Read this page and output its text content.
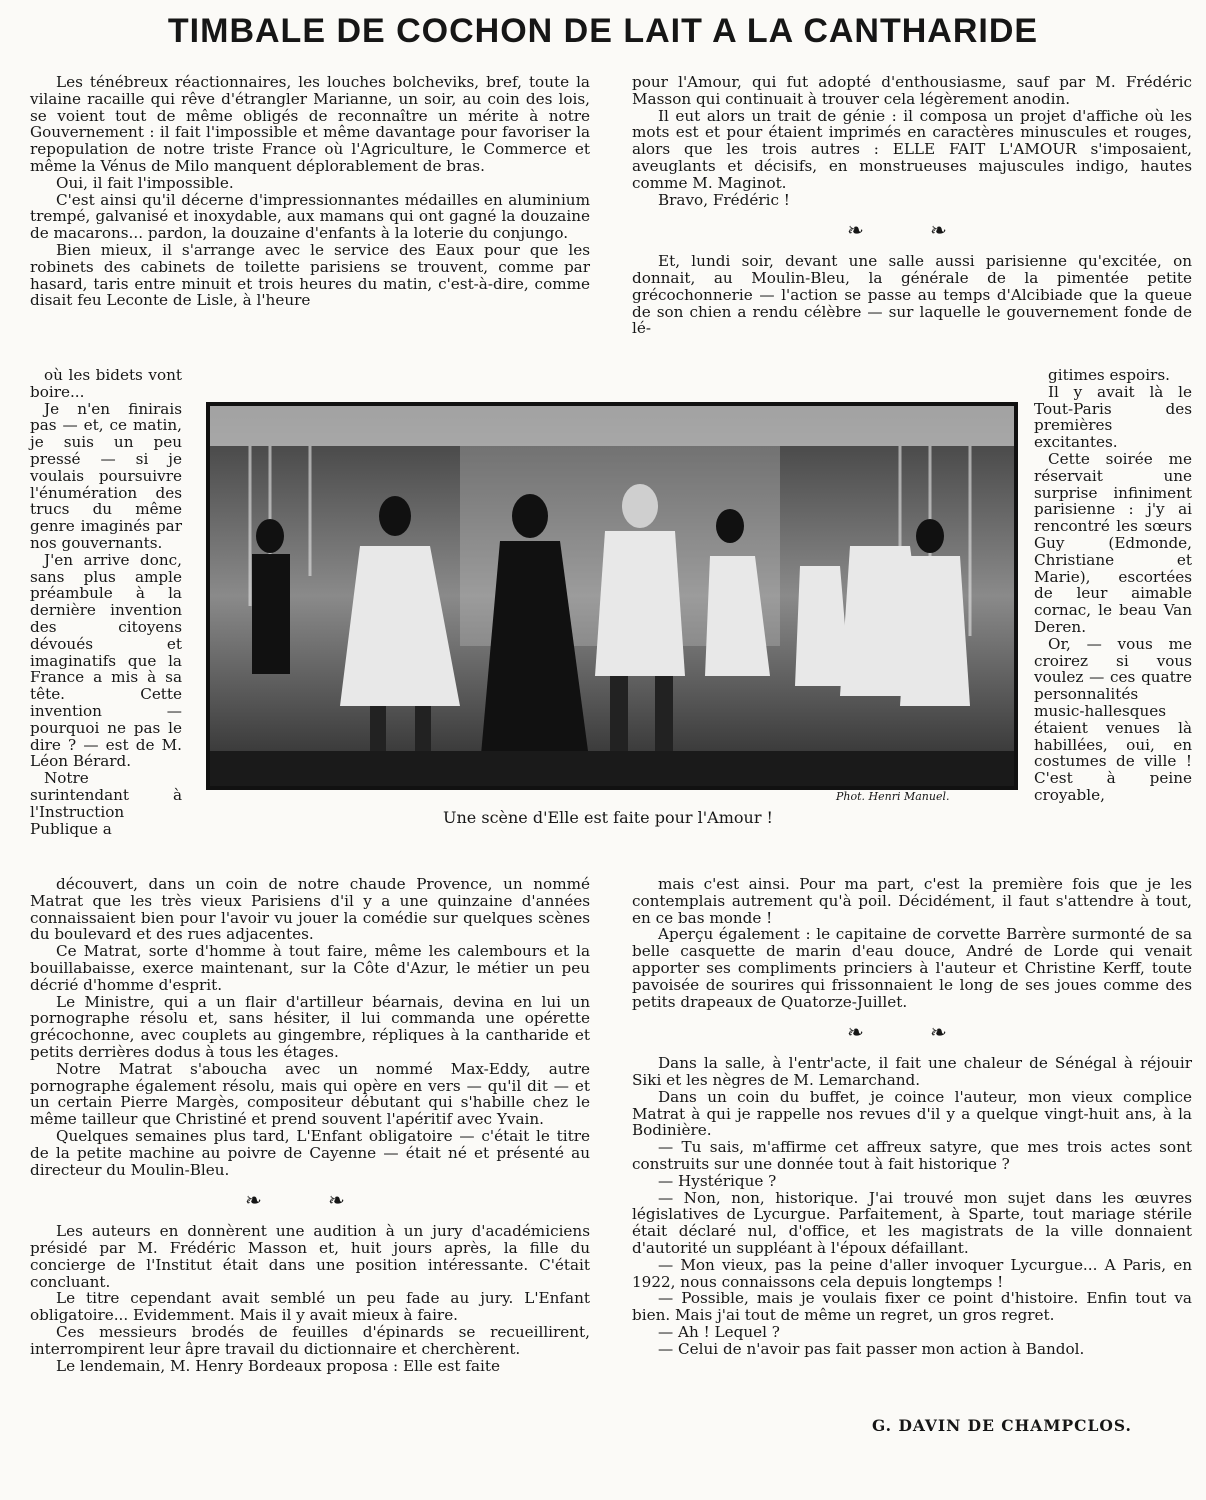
TIMBALE DE COCHON DE LAIT A LA CANTHARIDE

Les ténébreux réactionnaires, les louches bolcheviks, bref, toute la vilaine racaille qui rêve d'étrangler Marianne, un soir, au coin des lois, se voient tout de même obligés de reconnaître un mérite à notre Gouvernement : il fait l'impossible et même davantage pour favoriser la repopulation de notre triste France où l'Agriculture, le Commerce et même la Vénus de Milo manquent déplorablement de bras.

Oui, il fait l'impossible.

C'est ainsi qu'il décerne d'impressionnantes médailles en aluminium trempé, galvanisé et inoxydable, aux mamans qui ont gagné la douzaine de macarons... pardon, la douzaine d'enfants à la loterie du conjungo.

Bien mieux, il s'arrange avec le service des Eaux pour que les robinets des cabinets de toilette parisiens se trouvent, comme par hasard, taris entre minuit et trois heures du matin, c'est-à-dire, comme disait feu Leconte de Lisle, à l'heure

où les bidets vont boire...

Je n'en finirais pas — et, ce matin, je suis un peu pressé — si je voulais poursuivre l'énumération des trucs du même genre imaginés par nos gouvernants.

J'en arrive donc, sans plus ample préambule à la dernière invention des citoyens dévoués et imaginatifs que la France a mis à sa tête. Cette invention — pourquoi ne pas le dire ? — est de M. Léon Bérard.

Notre surintendant à l'Instruction Publique a

pour l'Amour, qui fut adopté d'enthousiasme, sauf par M. Frédéric Masson qui continuait à trouver cela légèrement anodin.

Il eut alors un trait de génie : il composa un projet d'affiche où les mots est et pour étaient imprimés en caractères minuscules et rouges, alors que les trois autres : ELLE FAIT L'AMOUR s'imposaient, aveuglants et décisifs, en monstrueuses majuscules indigo, hautes comme M. Maginot.

Bravo, Frédéric !

❧ ❧

Et, lundi soir, devant une salle aussi parisienne qu'excitée, on donnait, au Moulin-Bleu, la générale de la pimentée petite grécochonnerie — l'action se passe au temps d'Alcibiade que la queue de son chien a rendu célèbre — sur laquelle le gouvernement fonde de lé-

gitimes espoirs.

Il y avait là le Tout-Paris des premières excitantes.

Cette soirée me réservait une surprise infiniment parisienne : j'y ai rencontré les sœurs Guy (Edmonde, Christiane et Marie), escortées de leur aimable cornac, le beau Van Deren.

Or, — vous me croirez si vous voulez — ces quatre personnalités music-hallesques étaient venues là habillées, oui, en costumes de ville ! C'est à peine croyable,

Phot. Henri Manuel.
Une scène d'Elle est faite pour l'Amour !

découvert, dans un coin de notre chaude Provence, un nommé Matrat que les très vieux Parisiens d'il y a une quinzaine d'années connaissaient bien pour l'avoir vu jouer la comédie sur quelques scènes du boulevard et des rues adjacentes.

Ce Matrat, sorte d'homme à tout faire, même les calembours et la bouillabaisse, exerce maintenant, sur la Côte d'Azur, le métier un peu décrié d'homme d'esprit.

Le Ministre, qui a un flair d'artilleur béarnais, devina en lui un pornographe résolu et, sans hésiter, il lui commanda une opérette grécochonne, avec couplets au gingembre, répliques à la cantharide et petits derrières dodus à tous les étages.

Notre Matrat s'aboucha avec un nommé Max-Eddy, autre pornographe également résolu, mais qui opère en vers — qu'il dit — et un certain Pierre Margès, compositeur débutant qui s'habille chez le même tailleur que Christiné et prend souvent l'apéritif avec Yvain.

Quelques semaines plus tard, L'Enfant obligatoire — c'était le titre de la petite machine au poivre de Cayenne — était né et présenté au directeur du Moulin-Bleu.

❧ ❧

Les auteurs en donnèrent une audition à un jury d'académiciens présidé par M. Frédéric Masson et, huit jours après, la fille du concierge de l'Institut était dans une position intéressante. C'était concluant.

Le titre cependant avait semblé un peu fade au jury. L'Enfant obligatoire... Evidemment. Mais il y avait mieux à faire.

Ces messieurs brodés de feuilles d'épinards se recueillirent, interrompirent leur âpre travail du dictionnaire et cherchèrent.

Le lendemain, M. Henry Bordeaux proposa : Elle est faite

mais c'est ainsi. Pour ma part, c'est la première fois que je les contemplais autrement qu'à poil. Décidément, il faut s'attendre à tout, en ce bas monde !

Aperçu également : le capitaine de corvette Barrère surmonté de sa belle casquette de marin d'eau douce, André de Lorde qui venait apporter ses compliments princiers à l'auteur et Christine Kerff, toute pavoisée de sourires qui frissonnaient le long de ses joues comme des petits drapeaux de Quatorze-Juillet.

❧ ❧

Dans la salle, à l'entr'acte, il fait une chaleur de Sénégal à réjouir Siki et les nègres de M. Lemarchand.

Dans un coin du buffet, je coince l'auteur, mon vieux complice Matrat à qui je rappelle nos revues d'il y a quelque vingt-huit ans, à la Bodinière.

— Tu sais, m'affirme cet affreux satyre, que mes trois actes sont construits sur une donnée tout à fait historique ?

— Hystérique ?

— Non, non, historique. J'ai trouvé mon sujet dans les œuvres législatives de Lycurgue. Parfaitement, à Sparte, tout mariage stérile était déclaré nul, d'office, et les magistrats de la ville donnaient d'autorité un suppléant à l'époux défaillant.

— Mon vieux, pas la peine d'aller invoquer Lycurgue... A Paris, en 1922, nous connaissons cela depuis longtemps !

— Possible, mais je voulais fixer ce point d'histoire. Enfin tout va bien. Mais j'ai tout de même un regret, un gros regret.

— Ah ! Lequel ?

— Celui de n'avoir pas fait passer mon action à Bandol.

G. DAVIN DE CHAMPCLOS.
